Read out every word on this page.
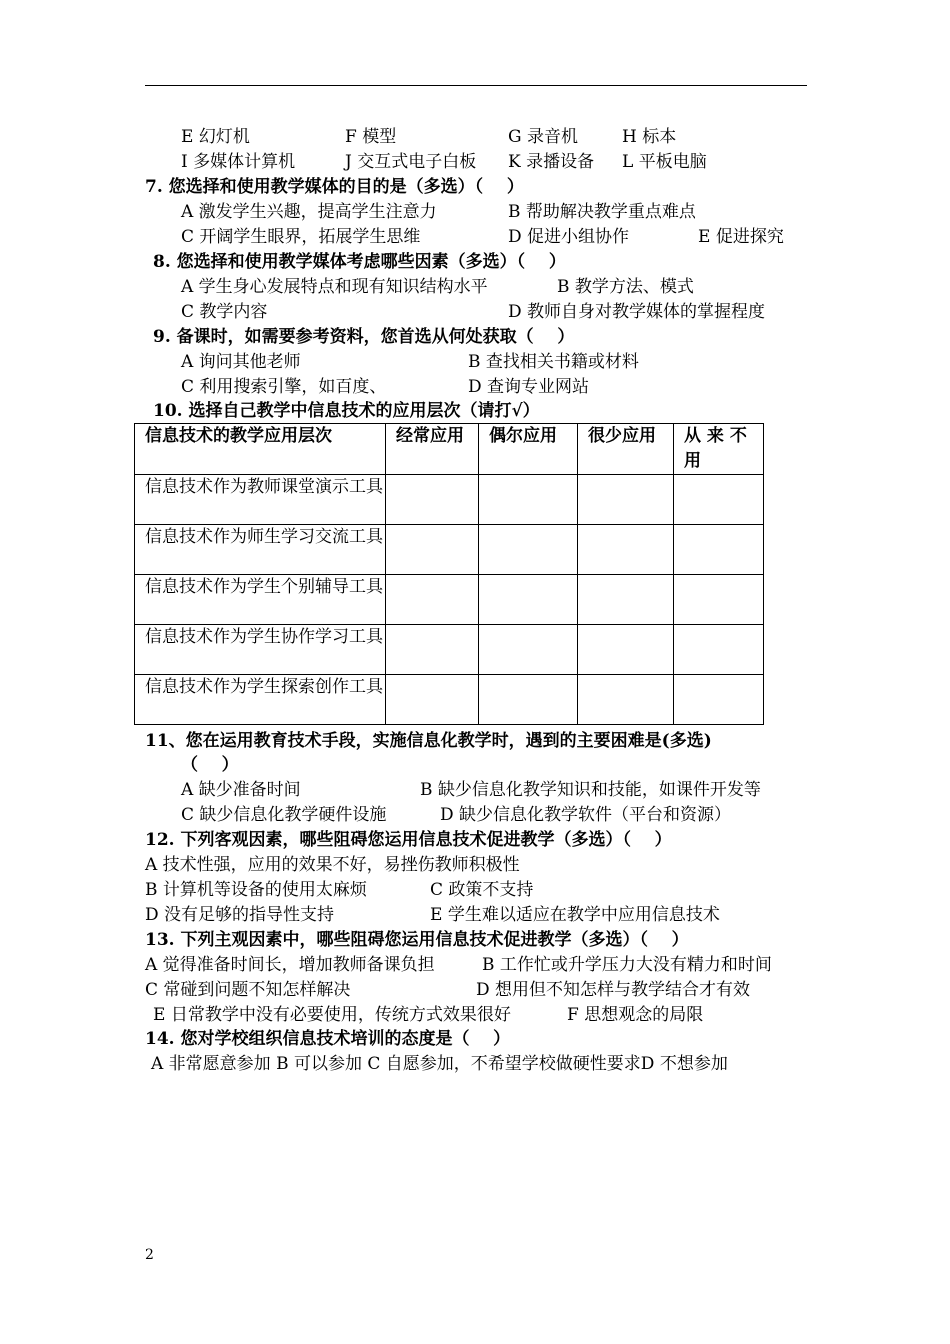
E 幻灯机	F 模型	G 录音机	H 标本
I 多媒体计算机	J 交互式电子白板 K 录播设备 L 平板电脑
7. 您选择和使用教学媒体的目的是（多选）（    ）
A 激发学生兴趣，提高学生注意力	B 帮助解决教学重点难点
C 开阔学生眼界，拓展学生思维	D 促进小组协作	E 促进探究
8. 您选择和使用教学媒体考虑哪些因素（多选）（    ）
A 学生身心发展特点和现有知识结构水平	B 教学方法、模式
C 教学内容	D 教师自身对教学媒体的掌握程度
9. 备课时，如需要参考资料，您首选从何处获取（    ）
A 询问其他老师	B 查找相关书籍或材料
C 利用搜索引擎，如百度、	D 查询专业网站
10. 选择自己教学中信息技术的应用层次（请打√）
信息技术的教学应用层次	经常应用	偶尔应用	很少应用	从 来 不 用
信息技术作为教师课堂演示工具				
信息技术作为师生学习交流工具				
信息技术作为学生个别辅导工具				
信息技术作为学生协作学习工具				
信息技术作为学生探索创作工具				
11、您在运用教育技术手段，实施信息化教学时，遇到的主要困难是(多选)
（    ）
A 缺少准备时间	B 缺少信息化教学知识和技能，如课件开发等
C 缺少信息化教学硬件设施	D 缺少信息化教学软件（平台和资源）
12. 下列客观因素，哪些阻碍您运用信息技术促进教学（多选）（    ）
A 技术性强，应用的效果不好，易挫伤教师积极性
B 计算机等设备的使用太麻烦	C 政策不支持
D 没有足够的指导性支持	E 学生难以适应在教学中应用信息技术
13. 下列主观因素中，哪些阻碍您运用信息技术促进教学（多选）（    ）
A 觉得准备时间长，增加教师备课负担	B 工作忙或升学压力大没有精力和时间
C 常碰到问题不知怎样解决	D 想用但不知怎样与教学结合才有效
E 日常教学中没有必要使用，传统方式效果很好	F 思想观念的局限
14. 您对学校组织信息技术培训的态度是（    ）
A 非常愿意参加 B 可以参加 C 自愿参加，不希望学校做硬性要求D 不想参加
2
